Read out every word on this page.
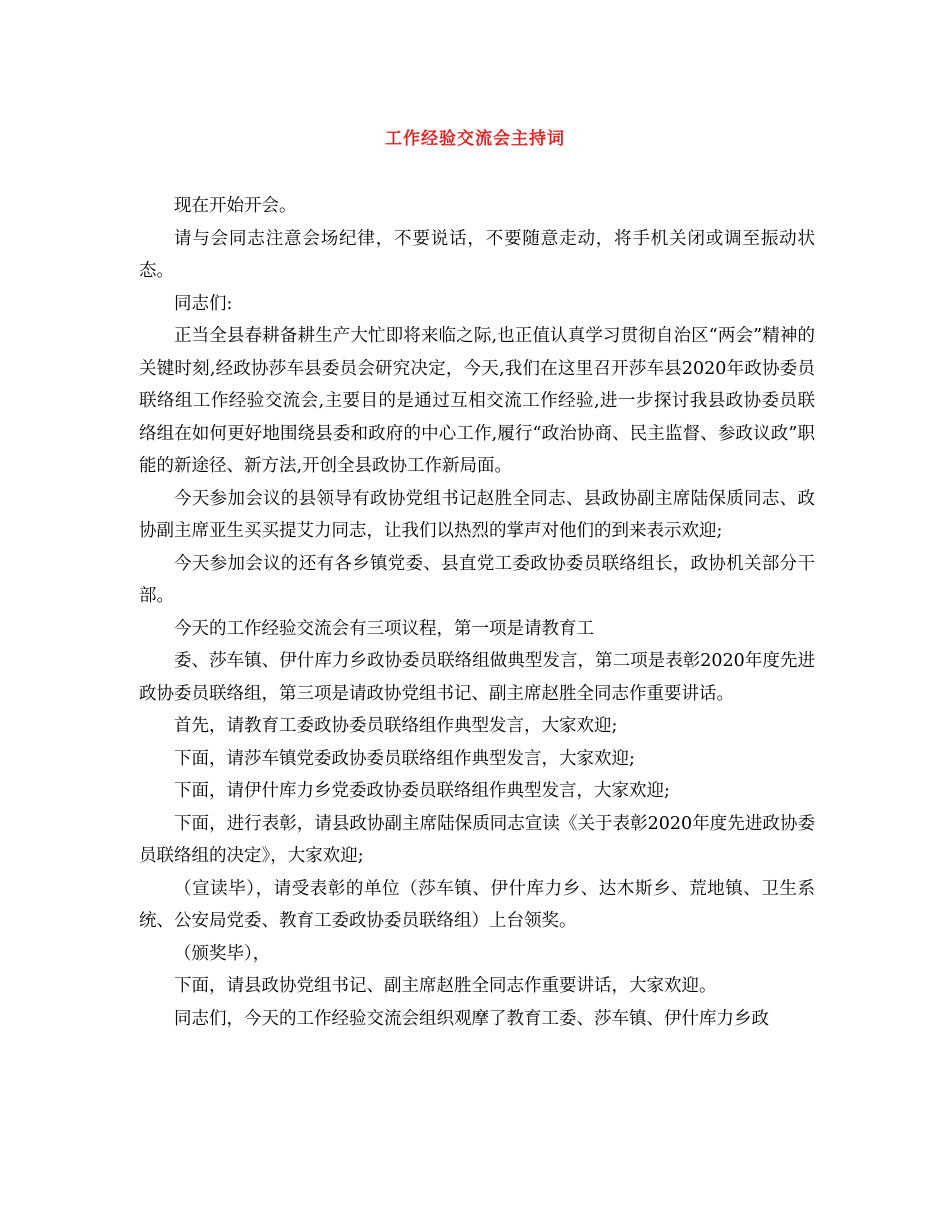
工作经验交流会主持词

现在开始开会。

请与会同志注意会场纪律，不要说话，不要随意走动，将手机关闭或调至振动状态。

同志们:

正当全县春耕备耕生产大忙即将来临之际,也正值认真学习贯彻自治区“两会”精神的关键时刻,经政协莎车县委员会研究决定，今天,我们在这里召开莎车县2020年政协委员联络组工作经验交流会,主要目的是通过互相交流工作经验,进一步探讨我县政协委员联络组在如何更好地围绕县委和政府的中心工作,履行“政治协商、民主监督、参政议政”职能的新途径、新方法,开创全县政协工作新局面。

今天参加会议的县领导有政协党组书记赵胜全同志、县政协副主席陆保质同志、政协副主席亚生买买提艾力同志，让我们以热烈的掌声对他们的到来表示欢迎;

今天参加会议的还有各乡镇党委、县直党工委政协委员联络组长，政协机关部分干部。

今天的工作经验交流会有三项议程，第一项是请教育工

委、莎车镇、伊什库力乡政协委员联络组做典型发言，第二项是表彰2020年度先进政协委员联络组，第三项是请政协党组书记、副主席赵胜全同志作重要讲话。

首先，请教育工委政协委员联络组作典型发言，大家欢迎;

下面，请莎车镇党委政协委员联络组作典型发言，大家欢迎;

下面，请伊什库力乡党委政协委员联络组作典型发言，大家欢迎;

下面，进行表彰，请县政协副主席陆保质同志宣读《关于表彰2020年度先进政协委员联络组的决定》，大家欢迎;

（宣读毕），请受表彰的单位（莎车镇、伊什库力乡、达木斯乡、荒地镇、卫生系统、公安局党委、教育工委政协委员联络组）上台领奖。

（颁奖毕），

下面，请县政协党组书记、副主席赵胜全同志作重要讲话，大家欢迎。

同志们，今天的工作经验交流会组织观摩了教育工委、莎车镇、伊什库力乡政
